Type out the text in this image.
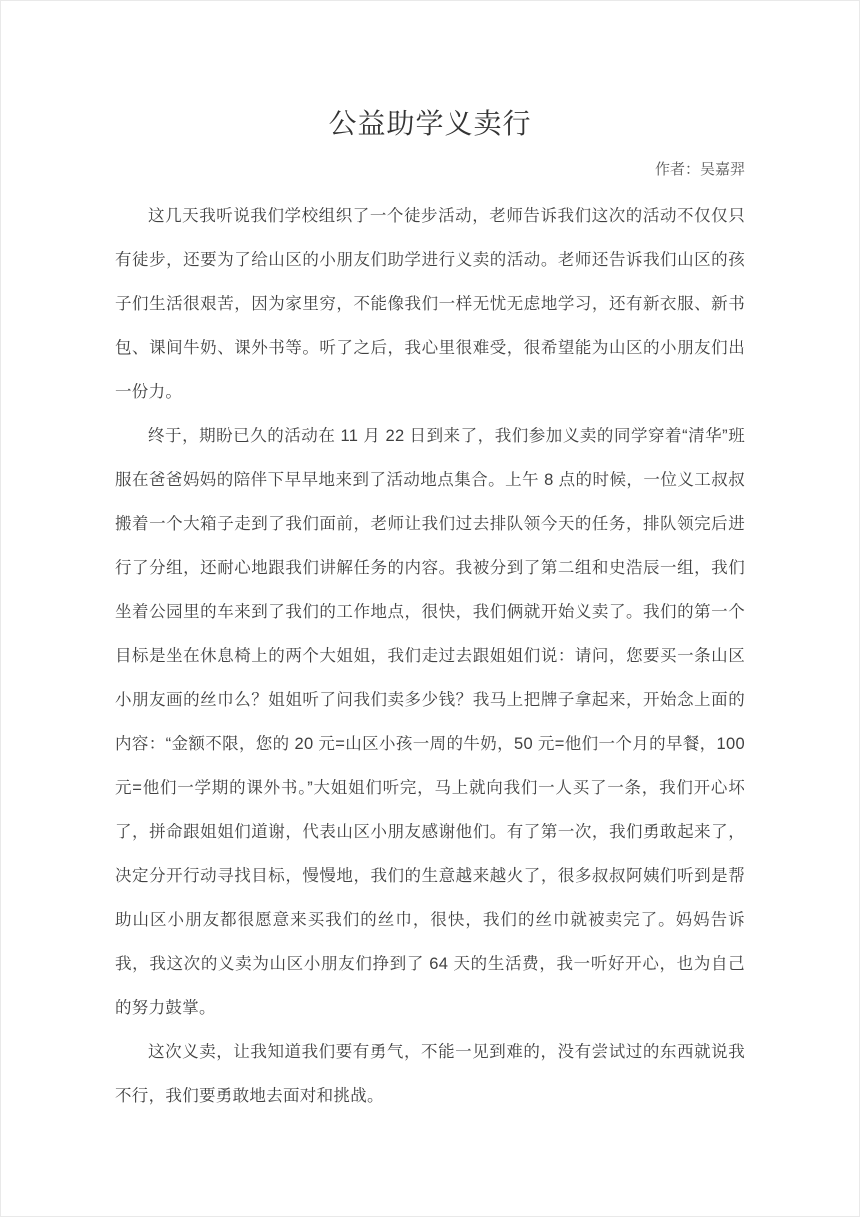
公益助学义卖行
作者：吴嘉羿

这几天我听说我们学校组织了一个徒步活动，老师告诉我们这次的活动不仅仅只有徒步，还要为了给山区的小朋友们助学进行义卖的活动。老师还告诉我们山区的孩子们生活很艰苦，因为家里穷，不能像我们一样无忧无虑地学习，还有新衣服、新书包、课间牛奶、课外书等。听了之后，我心里很难受，很希望能为山区的小朋友们出一份力。

终于，期盼已久的活动在 11 月 22 日到来了，我们参加义卖的同学穿着“清华”班服在爸爸妈妈的陪伴下早早地来到了活动地点集合。上午 8 点的时候，一位义工叔叔搬着一个大箱子走到了我们面前，老师让我们过去排队领今天的任务，排队领完后进行了分组，还耐心地跟我们讲解任务的内容。我被分到了第二组和史浩辰一组，我们坐着公园里的车来到了我们的工作地点，很快，我们俩就开始义卖了。我们的第一个目标是坐在休息椅上的两个大姐姐，我们走过去跟姐姐们说：请问，您要买一条山区小朋友画的丝巾么？姐姐听了问我们卖多少钱？我马上把牌子拿起来，开始念上面的内容：“金额不限，您的 20 元=山区小孩一周的牛奶，50 元=他们一个月的早餐，100 元=他们一学期的课外书。”大姐姐们听完，马上就向我们一人买了一条，我们开心坏了，拼命跟姐姐们道谢，代表山区小朋友感谢他们。有了第一次，我们勇敢起来了，决定分开行动寻找目标，慢慢地，我们的生意越来越火了，很多叔叔阿姨们听到是帮助山区小朋友都很愿意来买我们的丝巾，很快，我们的丝巾就被卖完了。妈妈告诉我，我这次的义卖为山区小朋友们挣到了 64 天的生活费，我一听好开心，也为自己的努力鼓掌。

这次义卖，让我知道我们要有勇气，不能一见到难的，没有尝试过的东西就说我不行，我们要勇敢地去面对和挑战。
